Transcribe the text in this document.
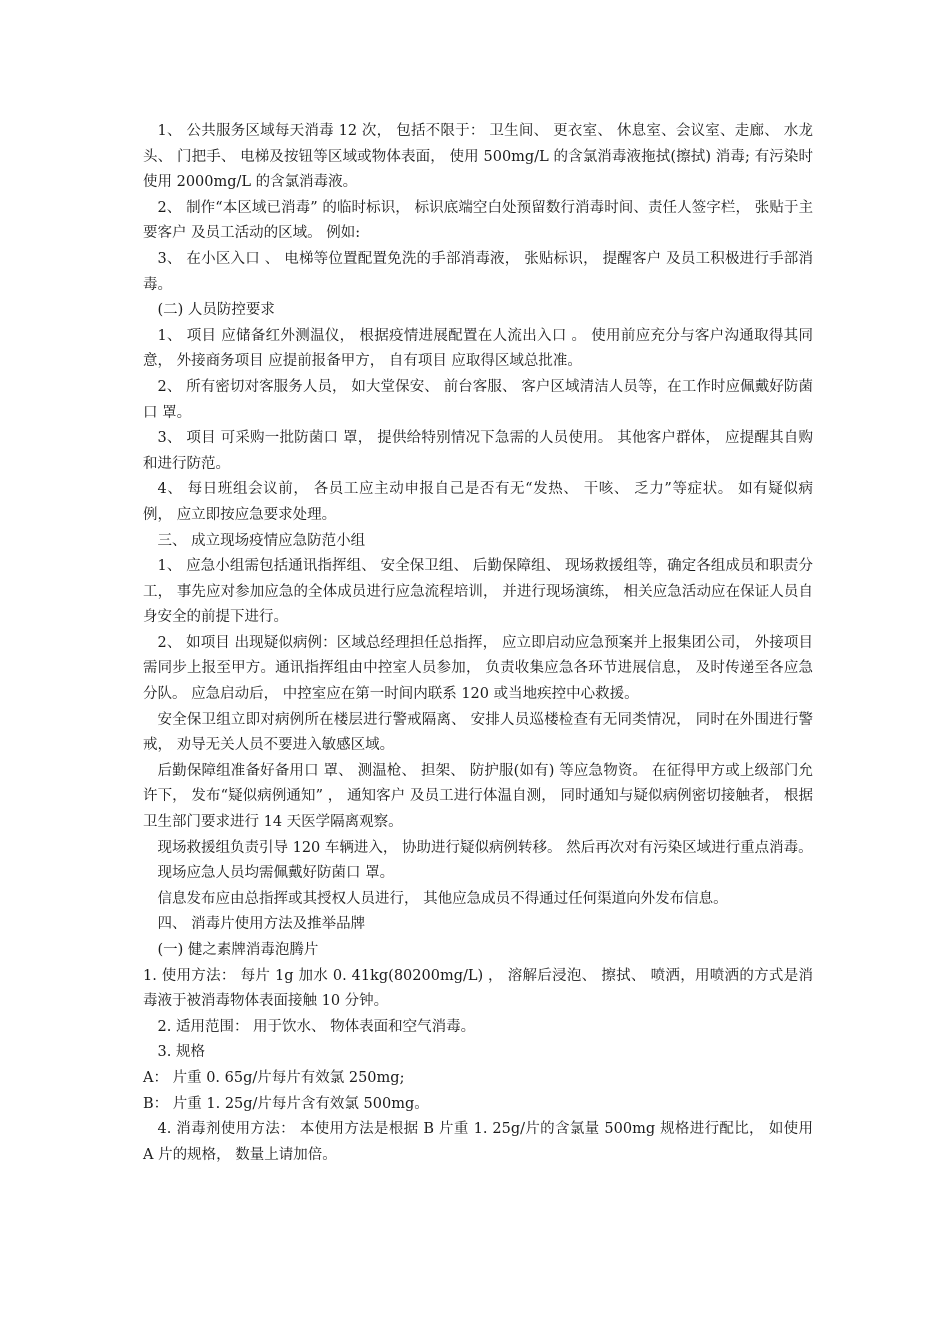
1、 公共服务区域每天消毒 12 次， 包括不限于： 卫生间、 更衣室、 休息室、会议室、走廊、 水龙头、 门把手、 电梯及按钮等区域或物体表面， 使用 500mg/L 的含氯消毒液拖拭(擦拭) 消毒; 有污染时使用 2000mg/L 的含氯消毒液。

2、 制作“本区域已消毒” 的临时标识， 标识底端空白处预留数行消毒时间、责任人签字栏， 张贴于主要客户 及员工活动的区域。 例如:

3、 在小区入口 、 电梯等位置配置免洗的手部消毒液， 张贴标识， 提醒客户 及员工积极进行手部消毒。

(二) 人员防控要求

1、 项目 应储备红外测温仪， 根据疫情进展配置在人流出入口 。 使用前应充分与客户沟通取得其同意， 外接商务项目 应提前报备甲方， 自有项目 应取得区域总批准。

2、 所有密切对客服务人员， 如大堂保安、 前台客服、 客户区域清洁人员等，在工作时应佩戴好防菌口 罩。

3、 项目 可采购一批防菌口 罩， 提供给特别情况下急需的人员使用。 其他客户群体， 应提醒其自购和进行防范。

4、 每日班组会议前， 各员工应主动申报自己是否有无“发热、 干咳、 乏力”等症状。 如有疑似病例， 应立即按应急要求处理。

三、 成立现场疫情应急防范小组

1、 应急小组需包括通讯指挥组、 安全保卫组、 后勤保障组、 现场救援组等，确定各组成员和职责分工， 事先应对参加应急的全体成员进行应急流程培训， 并进行现场演练， 相关应急活动应在保证人员自身安全的前提下进行。

2、 如项目 出现疑似病例：区域总经理担任总指挥， 应立即启动应急预案并上报集团公司， 外接项目 需同步上报至甲方。通讯指挥组由中控室人员参加， 负责收集应急各环节进展信息， 及时传递至各应急分队。 应急启动后， 中控室应在第一时间内联系 120 或当地疾控中心救援。

安全保卫组立即对病例所在楼层进行警戒隔离、 安排人员巡楼检查有无同类情况， 同时在外围进行警戒， 劝导无关人员不要进入敏感区域。

后勤保障组准备好备用口 罩、 测温枪、 担架、 防护服(如有) 等应急物资。 在征得甲方或上级部门允许下， 发布“疑似病例通知” ， 通知客户 及员工进行体温自测， 同时通知与疑似病例密切接触者， 根据卫生部门要求进行 14 天医学隔离观察。

现场救援组负责引导 120 车辆进入， 协助进行疑似病例转移。 然后再次对有污染区域进行重点消毒。

现场应急人员均需佩戴好防菌口 罩。

信息发布应由总指挥或其授权人员进行， 其他应急成员不得通过任何渠道向外发布信息。

四、 消毒片使用方法及推举品牌

(一) 健之素牌消毒泡腾片

1. 使用方法： 每片 1g 加水 0. 41kg(80200mg/L) ， 溶解后浸泡、 擦拭、 喷洒，用喷洒的方式是消毒液于被消毒物体表面接触 10 分钟。

2. 适用范围： 用于饮水、 物体表面和空气消毒。

3. 规格

A： 片重 0. 65g/片每片有效氯 250mg;

B： 片重 1. 25g/片每片含有效氯 500mg。

4. 消毒剂使用方法： 本使用方法是根据 B 片重 1. 25g/片的含氯量 500mg 规格进行配比， 如使用 A 片的规格， 数量上请加倍。
